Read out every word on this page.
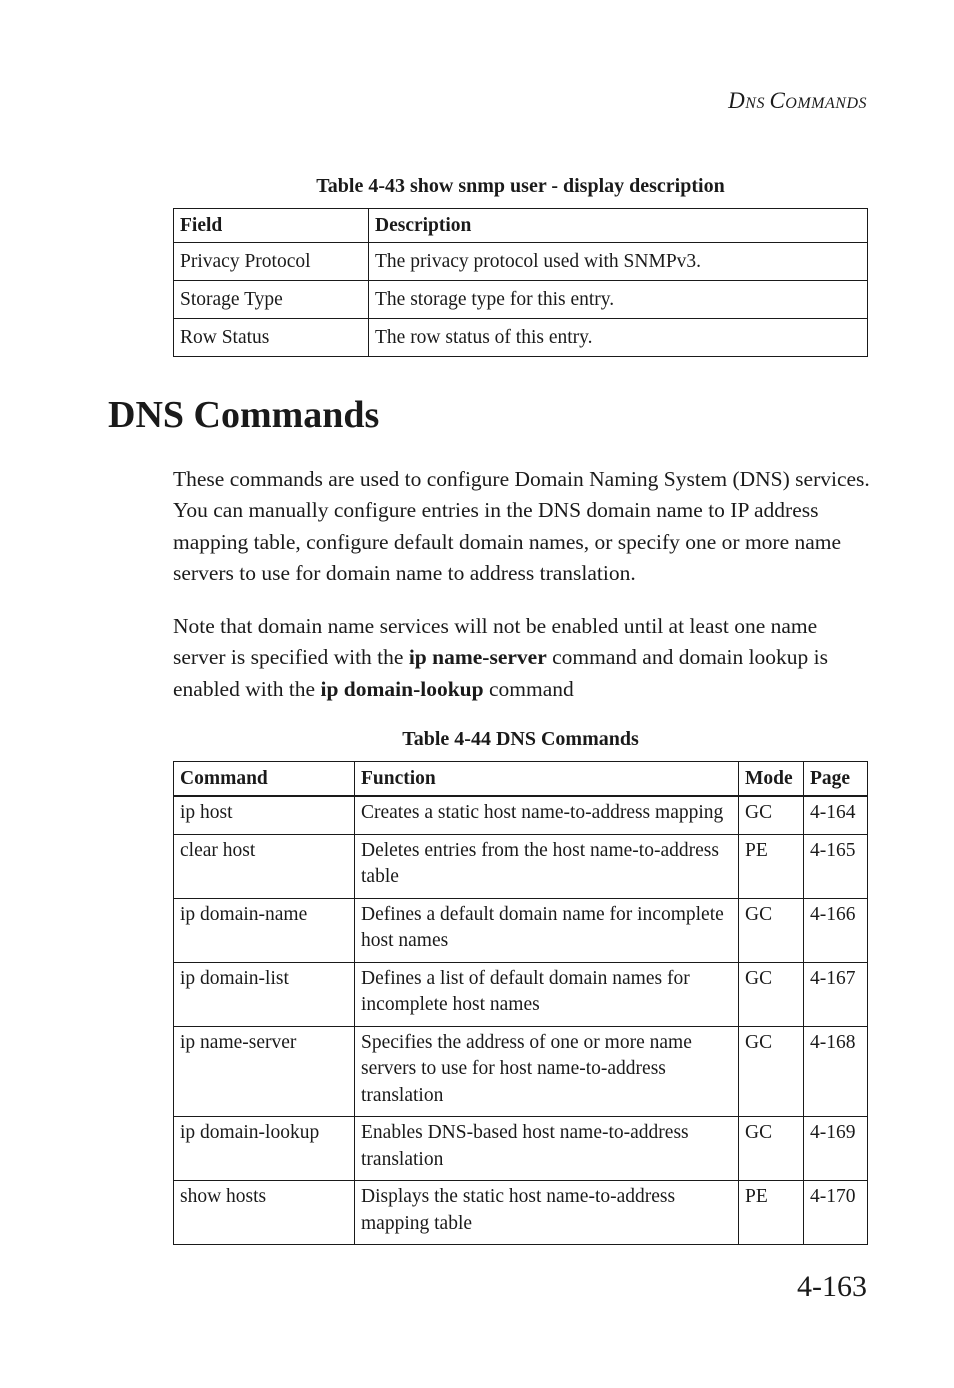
DNS COMMANDS
Table 4-43 show snmp user - display description
Field	Description
Privacy Protocol	The privacy protocol used with SNMPv3.
Storage Type	The storage type for this entry.
Row Status	The row status of this entry.
DNS Commands

These commands are used to configure Domain Naming System (DNS) services. You can manually configure entries in the DNS domain name to IP address mapping table, configure default domain names, or specify one or more name servers to use for domain name to address translation.

Note that domain name services will not be enabled until at least one name server is specified with the ip name-server command and domain lookup is enabled with the ip domain-lookup command

Table 4-44 DNS Commands
Command	Function	Mode	Page
ip host	Creates a static host name-to-address mapping	GC	4-164
clear host	Deletes entries from the host name-to-address table	PE	4-165
ip domain-name	Defines a default domain name for incomplete host names	GC	4-166
ip domain-list	Defines a list of default domain names for incomplete host names	GC	4-167
ip name-server	Specifies the address of one or more name servers to use for host name-to-address translation	GC	4-168
ip domain-lookup	Enables DNS-based host name-to-address translation	GC	4-169
show hosts	Displays the static host name-to-address mapping table	PE	4-170
4-163
